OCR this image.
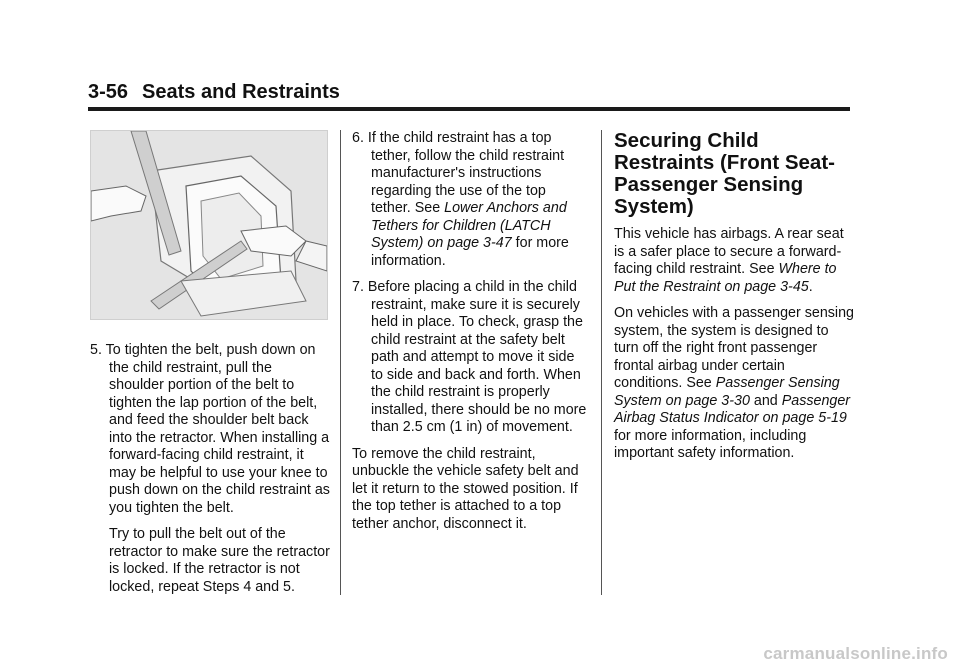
3-56 Seats and Restraints

5. To tighten the belt, push down on the child restraint, pull the shoulder portion of the belt to tighten the lap portion of the belt, and feed the shoulder belt back into the retractor. When installing a forward-facing child restraint, it may be helpful to use your knee to push down on the child restraint as you tighten the belt.

Try to pull the belt out of the retractor to make sure the retractor is locked. If the retractor is not locked, repeat Steps 4 and 5.

6. If the child restraint has a top tether, follow the child restraint manufacturer's instructions regarding the use of the top tether. See Lower Anchors and Tethers for Children (LATCH System) on page 3-47 for more information.

7. Before placing a child in the child restraint, make sure it is securely held in place. To check, grasp the child restraint at the safety belt path and attempt to move it side to side and back and forth. When the child restraint is properly installed, there should be no more than 2.5 cm (1 in) of movement.

To remove the child restraint, unbuckle the vehicle safety belt and let it return to the stowed position. If the top tether is attached to a top tether anchor, disconnect it.

Securing Child Restraints (Front Seat-Passenger Sensing System)

This vehicle has airbags. A rear seat is a safer place to secure a forward-facing child restraint. See Where to Put the Restraint on page 3-45.

On vehicles with a passenger sensing system, the system is designed to turn off the right front passenger frontal airbag under certain conditions. See Passenger Sensing System on page 3-30 and Passenger Airbag Status Indicator on page 5-19 for more information, including important safety information.

carmanualsonline.info
